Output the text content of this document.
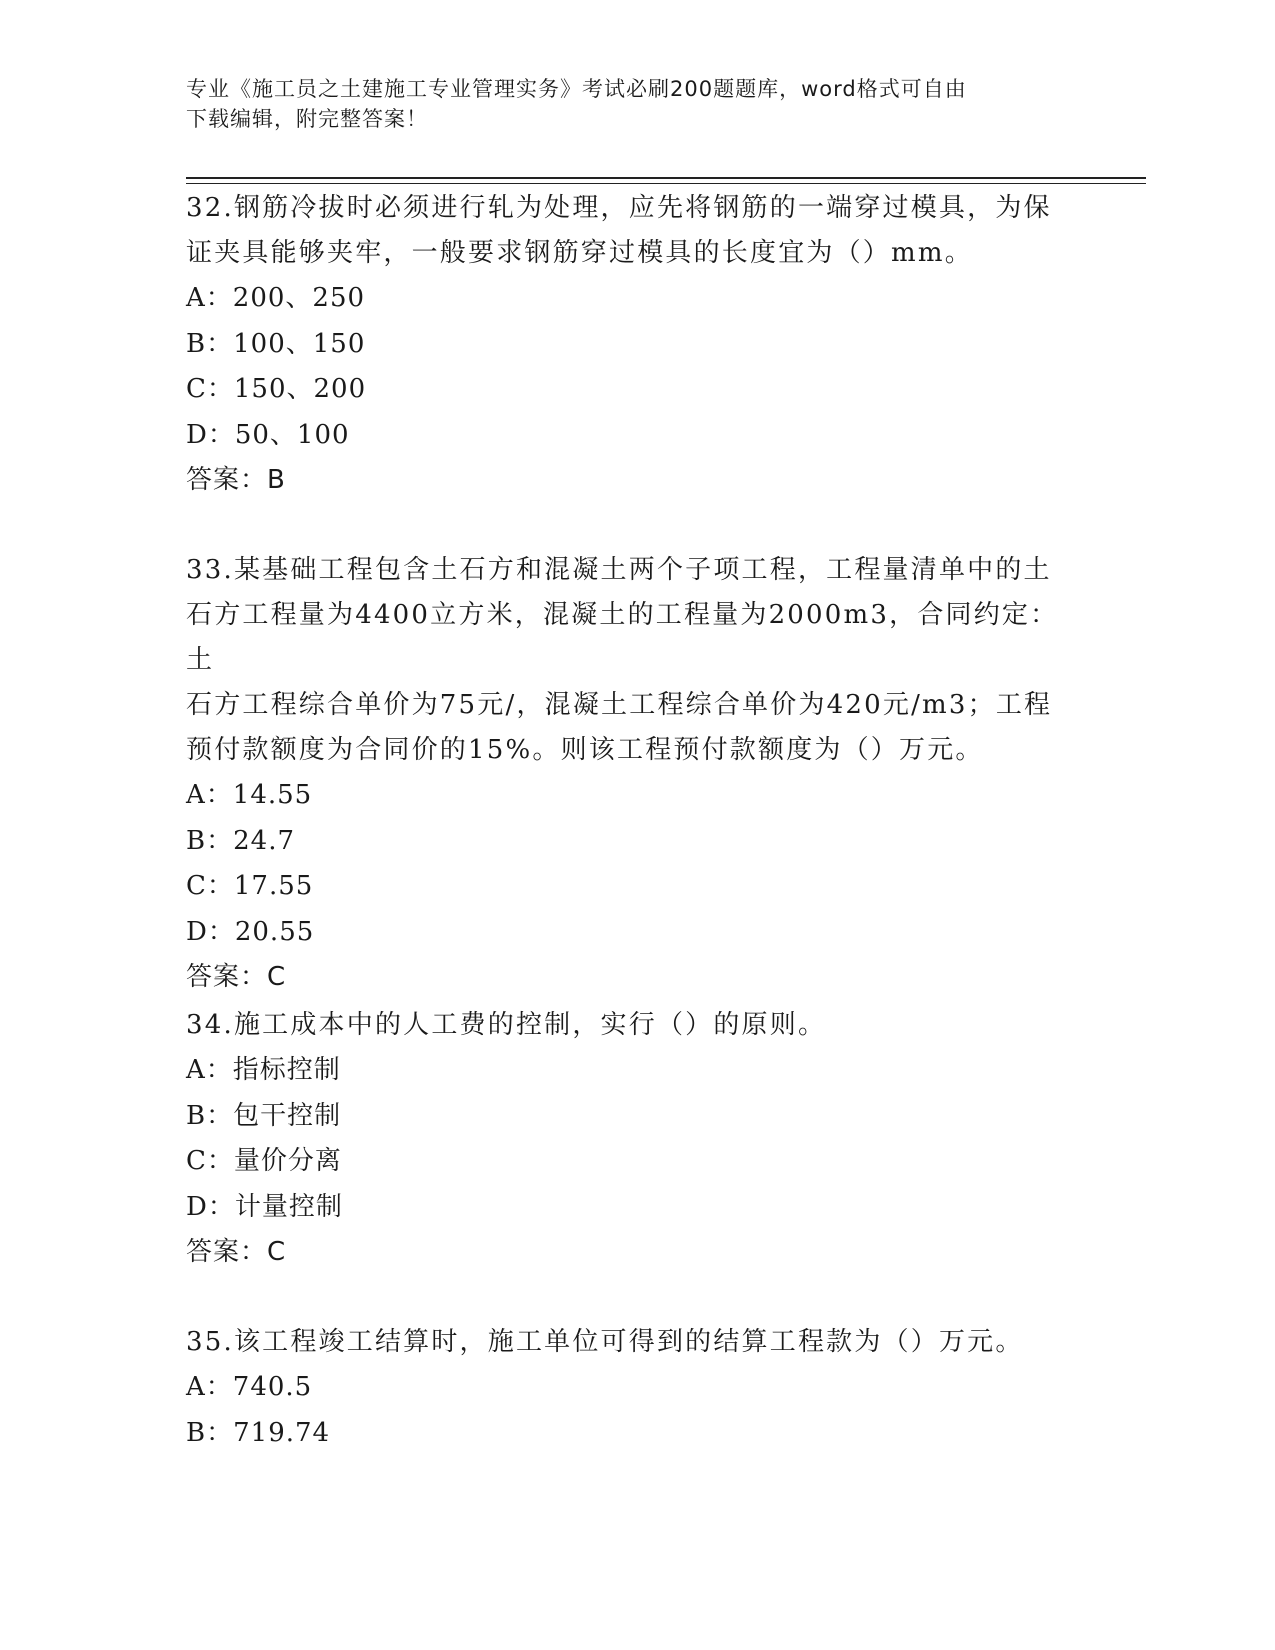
专业《施工员之土建施工专业管理实务》考试必刷200题题库，word格式可自由
下载编辑，附完整答案！

32.钢筋冷拔时必须进行轧为处理，应先将钢筋的一端穿过模具，为保

证夹具能够夹牢，一般要求钢筋穿过模具的长度宜为（）mm。

A：200、250

B：100、150

C：150、200

D：50、100

答案：B

33.某基础工程包含土石方和混凝土两个子项工程，工程量清单中的土

石方工程量为4400立方米，混凝土的工程量为2000m3，合同约定：土

石方工程综合单价为75元/，混凝土工程综合单价为420元/m3；工程

预付款额度为合同价的15%。则该工程预付款额度为（）万元。

A：14.55

B：24.7

C：17.55

D：20.55

答案：C

34.施工成本中的人工费的控制，实行（）的原则。

A：指标控制

B：包干控制

C：量价分离

D：计量控制

答案：C

35.该工程竣工结算时，施工单位可得到的结算工程款为（）万元。

A：740.5

B：719.74
